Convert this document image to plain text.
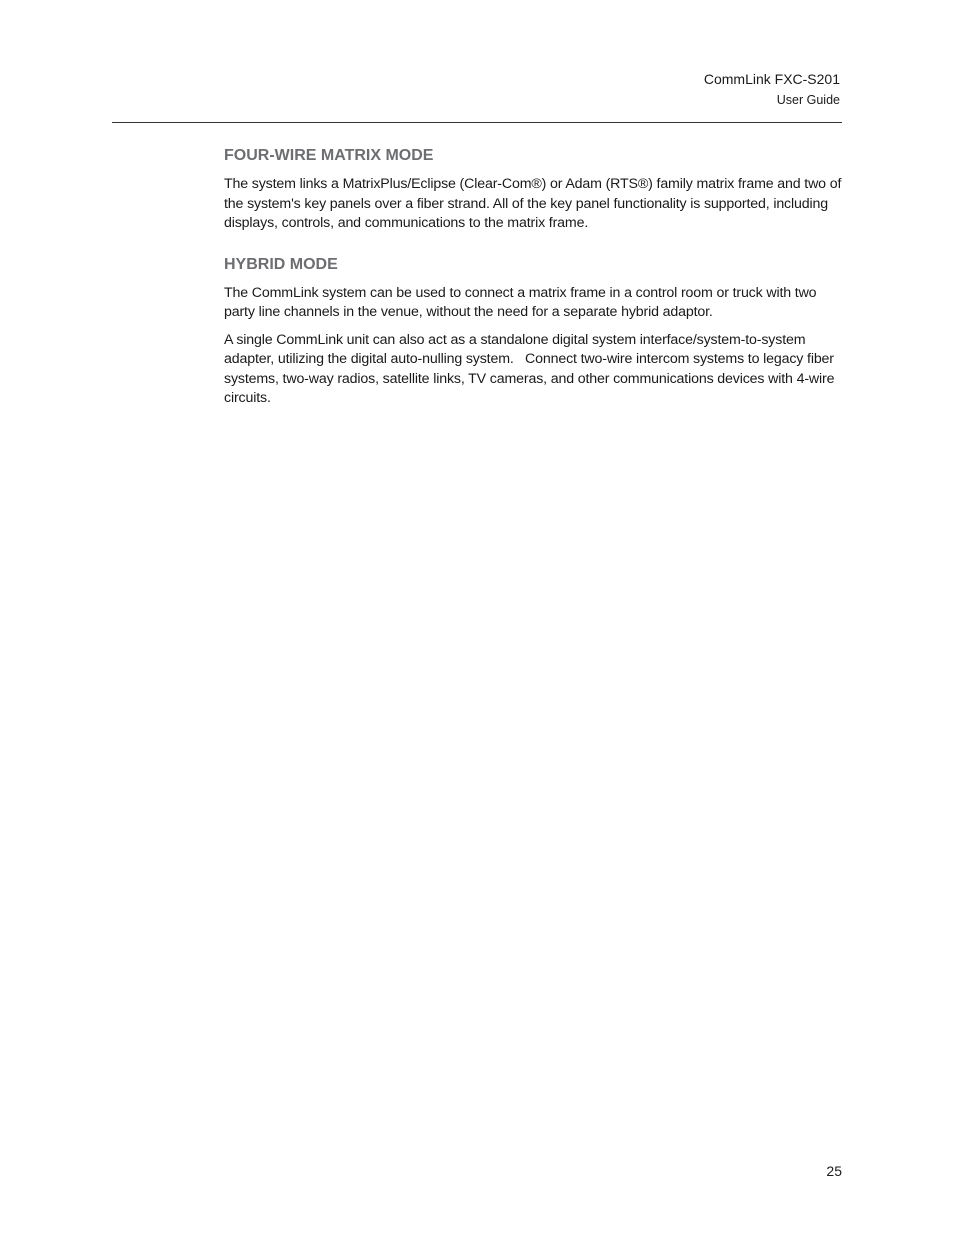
CommLink FXC-S201
User Guide
FOUR-WIRE MATRIX MODE

The system links a MatrixPlus/Eclipse (Clear-Com®) or Adam (RTS®) family matrix frame and two of the system's key panels over a fiber strand. All of the key panel functionality is supported, including displays, controls, and communications to the matrix frame.

HYBRID MODE

The CommLink system can be used to connect a matrix frame in a control room or truck with two party line channels in the venue, without the need for a separate hybrid adaptor.

A single CommLink unit can also act as a standalone digital system interface/system-to-system adapter, utilizing the digital auto-nulling system.   Connect two-wire intercom systems to legacy fiber systems, two-way radios, satellite links, TV cameras, and other communications devices with 4-wire circuits.

25
